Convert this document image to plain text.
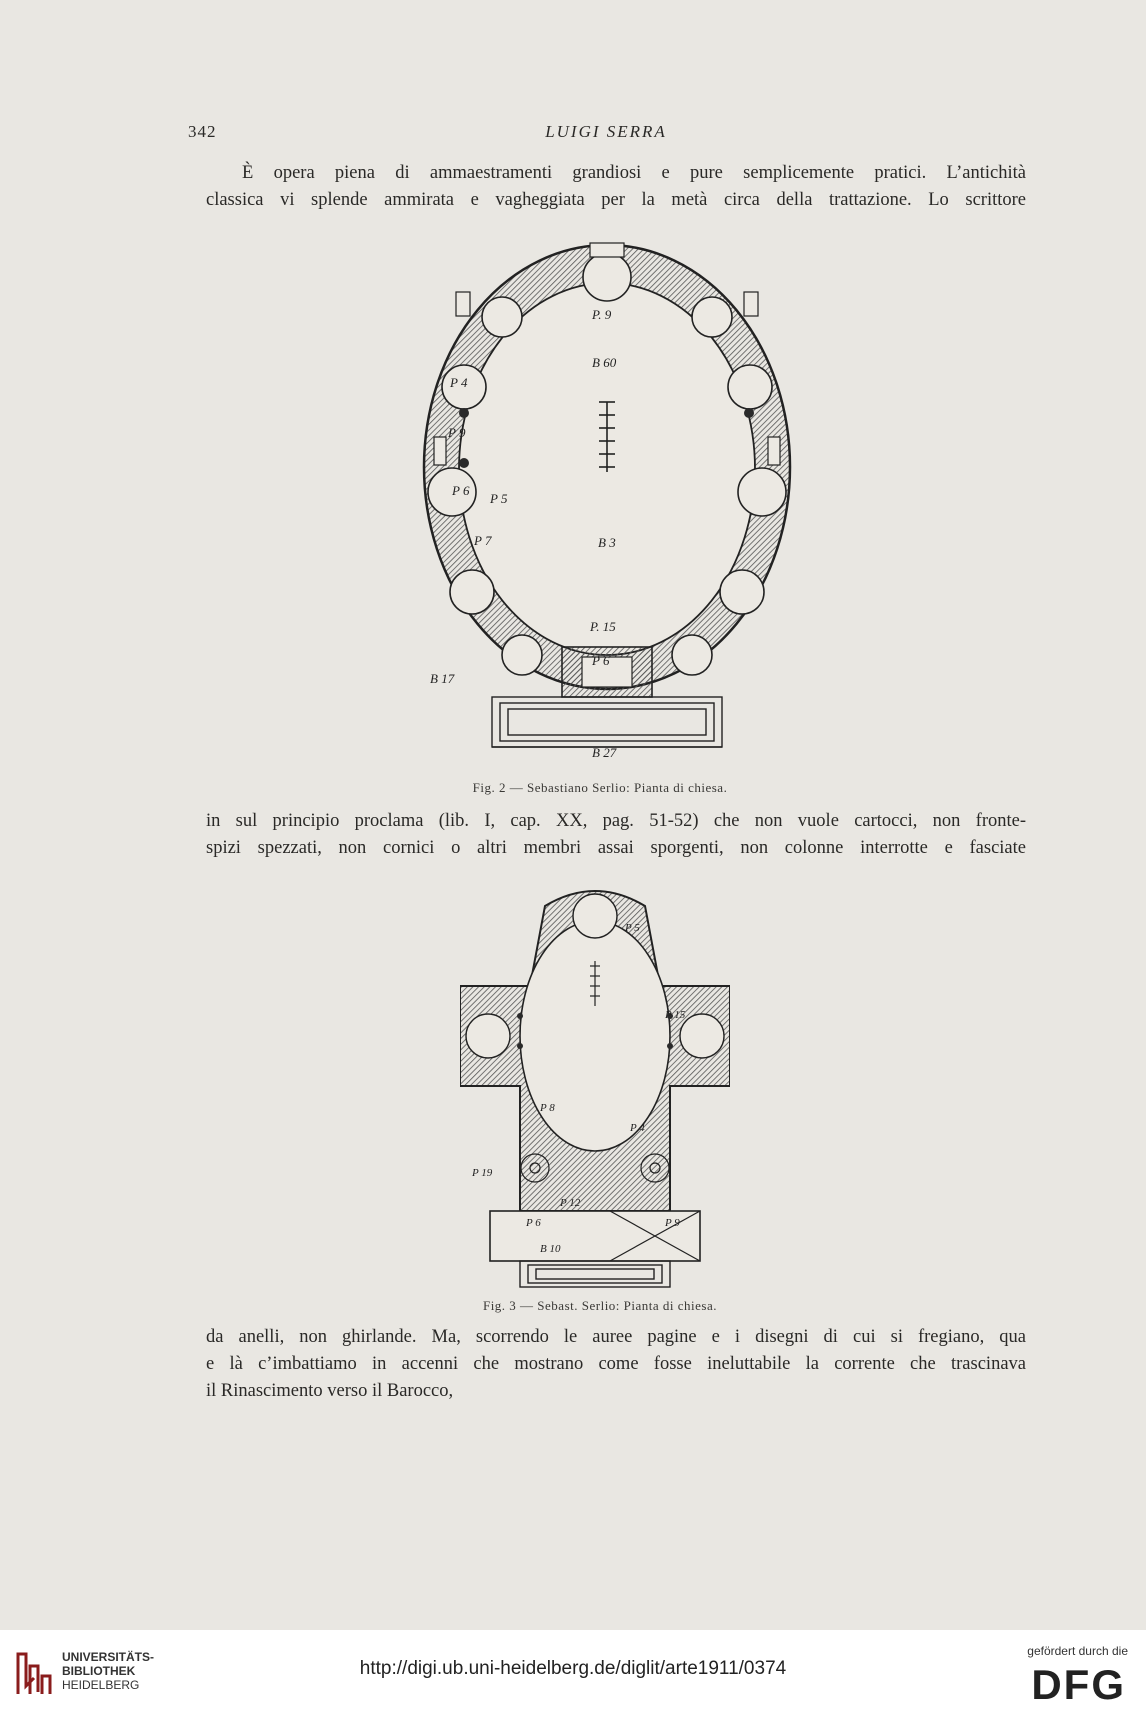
342	LUIGI SERRA

È opera piena di ammaestramenti grandiosi e pure semplicemente pratici. L’antichità
classica vi splende ammirata e vagheggiata per la metà circa della trattazione. Lo scrittore

P. 9
B 60
P 4
P 9
P 6
P 5
P 7	B 3
P. 15
P 6
B 17
B 27
Fig. 2 — Sebastiano Serlio: Pianta di chiesa.

in sul principio proclama (lib. I, cap. XX, pag. 51-52) che non vuole cartocci, non fronte-
spizi spezzati, non cornici o altri membri assai sporgenti, non colonne interrotte e fasciate

P 5
P 15
P 8
P 6	P 9
P 4
P 12
B 10
P 19
Fig. 3 — Sebast. Serlio: Pianta di chiesa.

da anelli, non ghirlande. Ma, scorrendo le auree pagine e i disegni di cui si fregiano, qua
e là c’imbattiamo in accenni che mostrano come fosse ineluttabile la corrente che trascinava
il Rinascimento verso il Barocco,

UNIVERSITÄTS-
BIBLIOTHEK
HEIDELBERG
http://digi.ub.uni-heidelberg.de/diglit/arte1911/0374
gefördert durch die
DFG
